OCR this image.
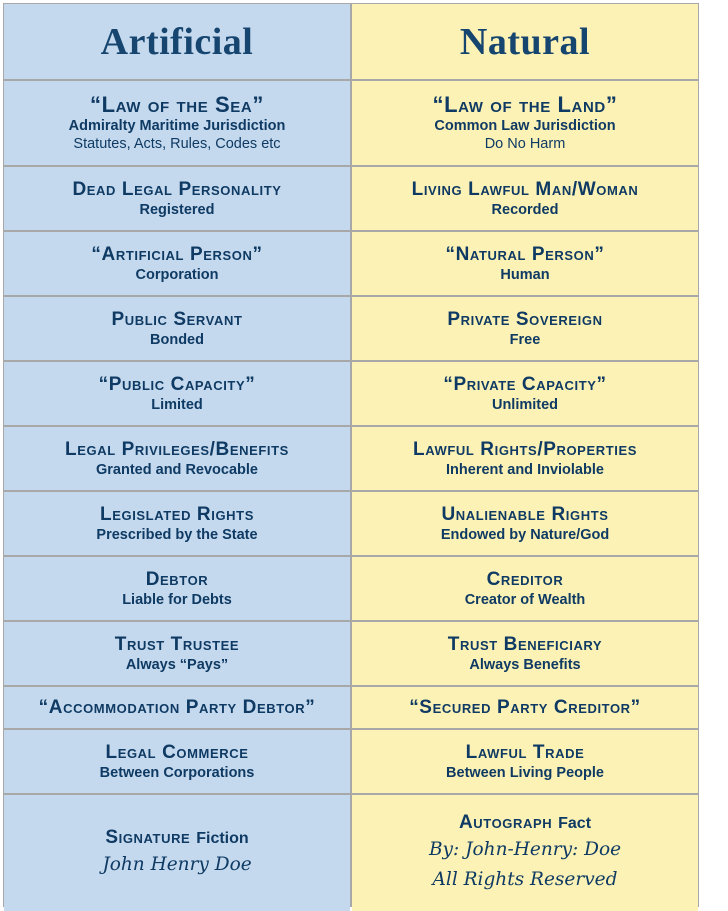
Artificial	Natural
“Law of the Sea”
Admiralty Maritime Jurisdiction
Statutes, Acts, Rules, Codes etc
“Law of the Land”
Common Law Jurisdiction
Do No Harm
Dead Legal Personality
Registered
Living Lawful Man/Woman
Recorded
“Artificial Person”
Corporation
“Natural Person”
Human
Public Servant
Bonded
Private Sovereign
Free
“Public Capacity”
Limited
“Private Capacity”
Unlimited
Legal Privileges/Benefits
Granted and Revocable
Lawful Rights/Properties
Inherent and Inviolable
Legislated Rights
Prescribed by the State
Unalienable Rights
Endowed by Nature/God
Debtor
Liable for Debts
Creditor
Creator of Wealth
Trust Trustee
Always “Pays”
Trust Beneficiary
Always Benefits
“Accommodation Party Debtor”	“Secured Party Creditor”
Legal Commerce
Between Corporations
Lawful Trade
Between Living People
Signature Fiction
John Henry Doe
Autograph Fact
By: John-Henry: Doe
All Rights Reserved
